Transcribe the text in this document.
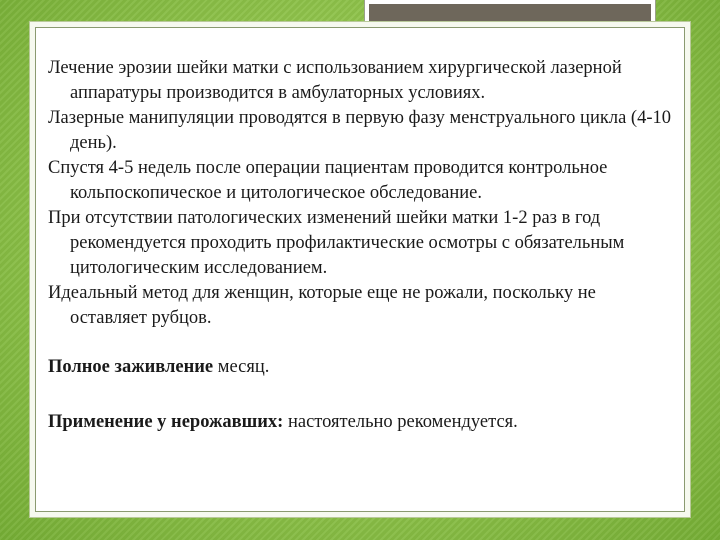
Лечение эрозии шейки матки с использованием хирургической лазерной аппаратуры производится в амбулаторных условиях.

Лазерные манипуляции проводятся в первую фазу менструального цикла (4-10 день).

Спустя 4-5 недель после операции пациентам проводится контрольное кольпоскопическое и цитологическое обследование.

При отсутствии патологических изменений шейки матки 1-2 раз в год рекомендуется проходить профилактические осмотры с обязательным цитологическим исследованием.

Идеальный метод для женщин, которые еще не рожали, поскольку не оставляет рубцов.

Полное заживление месяц.

Применение у нерожавших: настоятельно рекомендуется.
